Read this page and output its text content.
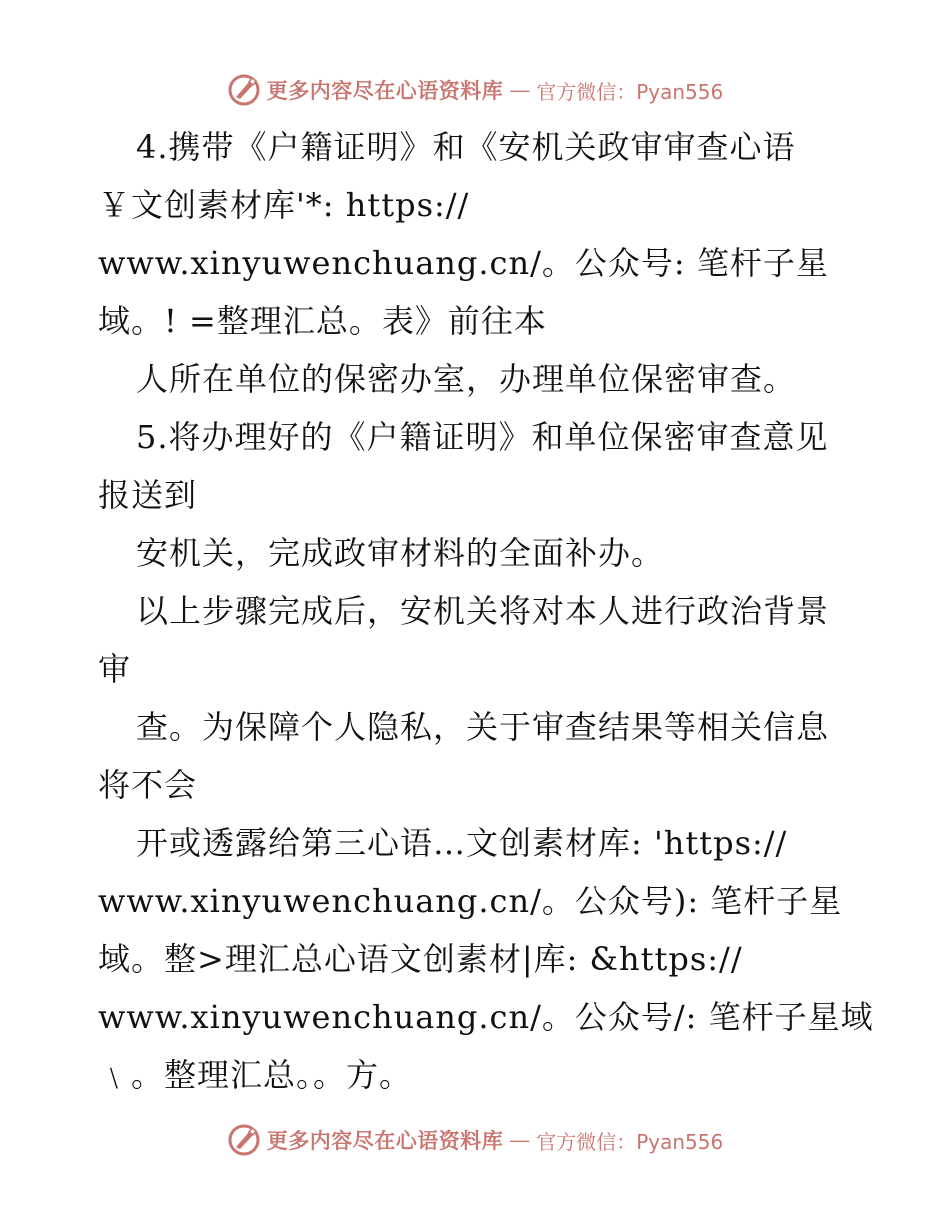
更多内容尽在心语资料库 — 官方微信：Pyan556
4.携带《户籍证明》和《安机关政审审查心语
￥文创素材库'*: https://
www.xinyuwenchuang.cn/。公众号: 笔杆子星
域。! =整理汇总。表》前往本
人所在单位的保密办室，办理单位保密审查。
5.将办理好的《户籍证明》和单位保密审查意见
报送到
安机关，完成政审材料的全面补办。
以上步骤完成后，安机关将对本人进行政治背景
审
查。为保障个人隐私，关于审查结果等相关信息
将不会
开或透露给第三心语…文创素材库: 'https://
www.xinyuwenchuang.cn/。公众号): 笔杆子星
域。整>理汇总心语文创素材|库: &https://
www.xinyuwenchuang.cn/。公众号/: 笔杆子星域
﹨。整理汇总。。方。
更多内容尽在心语资料库 — 官方微信：Pyan556
